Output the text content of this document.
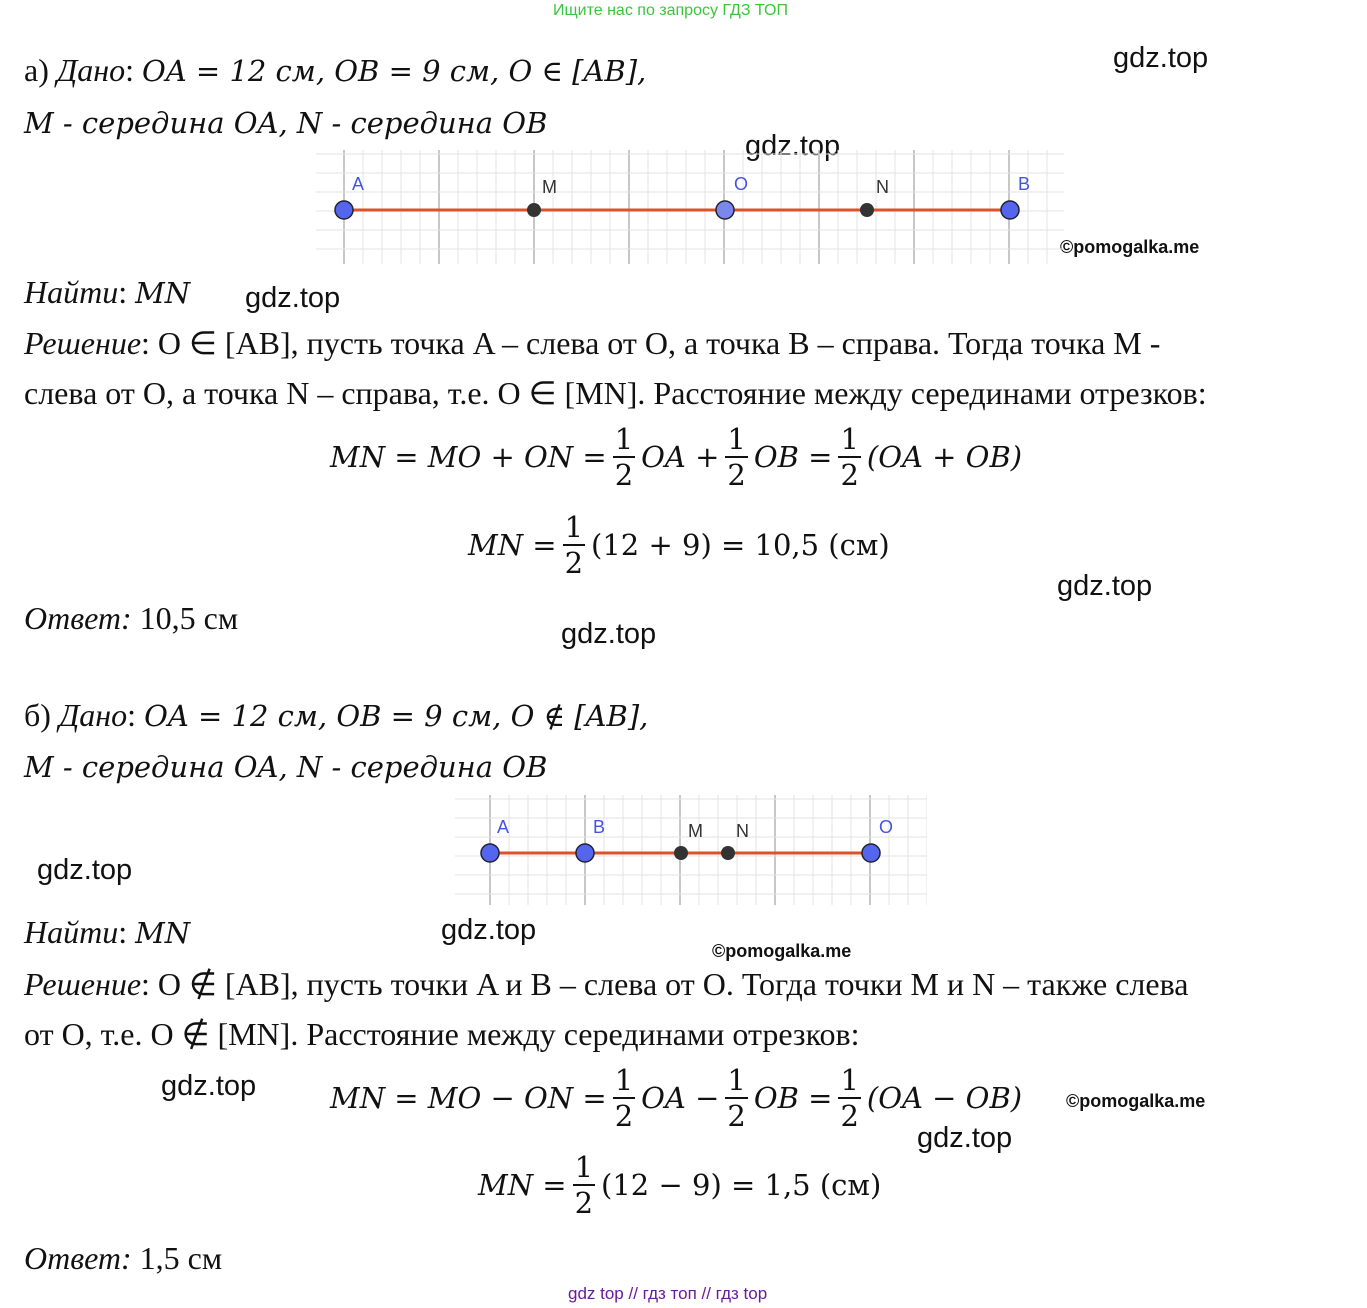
Ищите нас по запросу ГДЗ ТОП
gdz.top
gdz.top
gdz.top
gdz.top
gdz.top
gdz.top
gdz.top
gdz.top
gdz.top
©pomogalka.me
©pomogalka.me
©pomogalka.me
а) Дано: OA = 12 см, OB = 9 см, O ∈ [AB],
M - середина OA, N - середина OB
A	M	O	N	B
Найти: MN
Решение: O ∈ [AB], пусть точка A – слева от O, а точка B – справа. Тогда точка M -
слева от O, а точка N – справа, т.е. O ∈ [MN]. Расстояние между серединами отрезков:
MN = MO + ON = $\frac{1}{2}$ OA + $\frac{1}{2}$ OB = $\frac{1}{2} (OA + OB)$
MN = $\frac{1}{2} (12 + 9) = 10,5$ (см)
Ответ: 10,5 см
б) Дано: OA = 12 см, OB = 9 см, O ∉ [AB],
M - середина OA, N - середина OB
A	B	M N	O
Найти: MN
Решение: O ∉ [AB], пусть точки A и B – слева от O. Тогда точки M и N – также слева
от O, т.е. O ∉ [MN]. Расстояние между серединами отрезков:
MN = MO − ON = $\frac{1}{2}$ OA − $\frac{1}{2}$ OB = $\frac{1}{2} (OA - OB)$
MN = $\frac{1}{2} (12 - 9) = 1,5$ (см)
Ответ: 1,5 см
gdz top // гдз топ // гдз top
